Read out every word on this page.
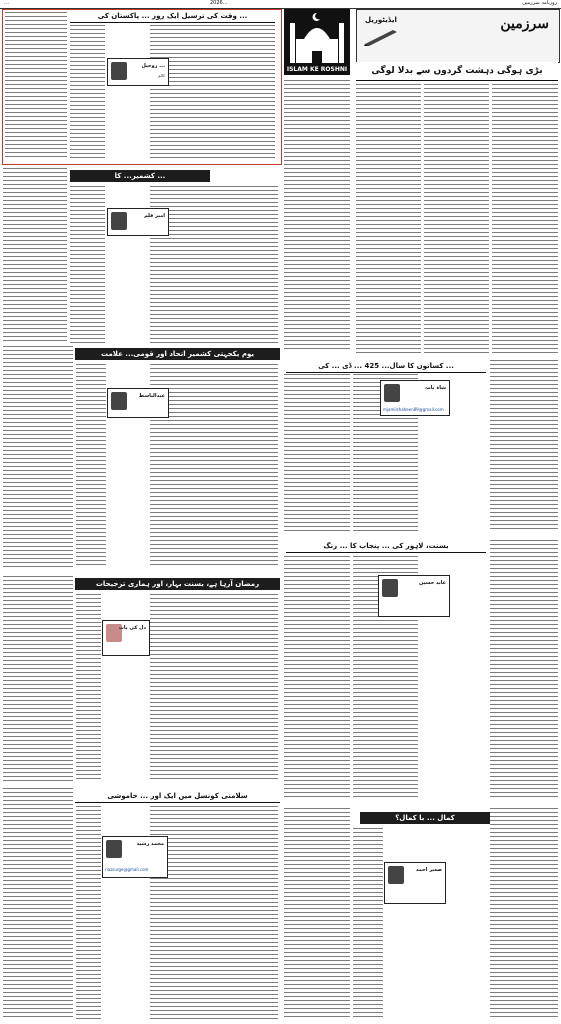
…	2026…	روزنامہ سرزمین
وقت کی ترسیل ایک روز ... پاکستان کی ...
روحیل ...
کالم
ISLAM KE ROSHNI
سرزمین
ایڈیٹوریل
بڑی ہوگی دہشت گردوں سے بدلا لوگی
کشمیر... کا ...
امیر قلم
یوم یکجہتی کشمیر اتحاد اور قومی... علامت
عبدالباسط
رمضان آرہا ہے، بسنت بہار، اور ہماری ترجیحات
دل کی بات
سلامتی کونسل میں ایک اور ... خاموشی
محمد رشید
riazsurge@gmail.com
کسانوں کا سال... 425 ... ڈی ... کی ...
شاہ نامہ
mjamilshaheen89@gmail.com
بسنت، لاہور کی ... پنجاب کا ... رنگ
عابد حسین
کمال ... با کمال؟
صغیر احمد
